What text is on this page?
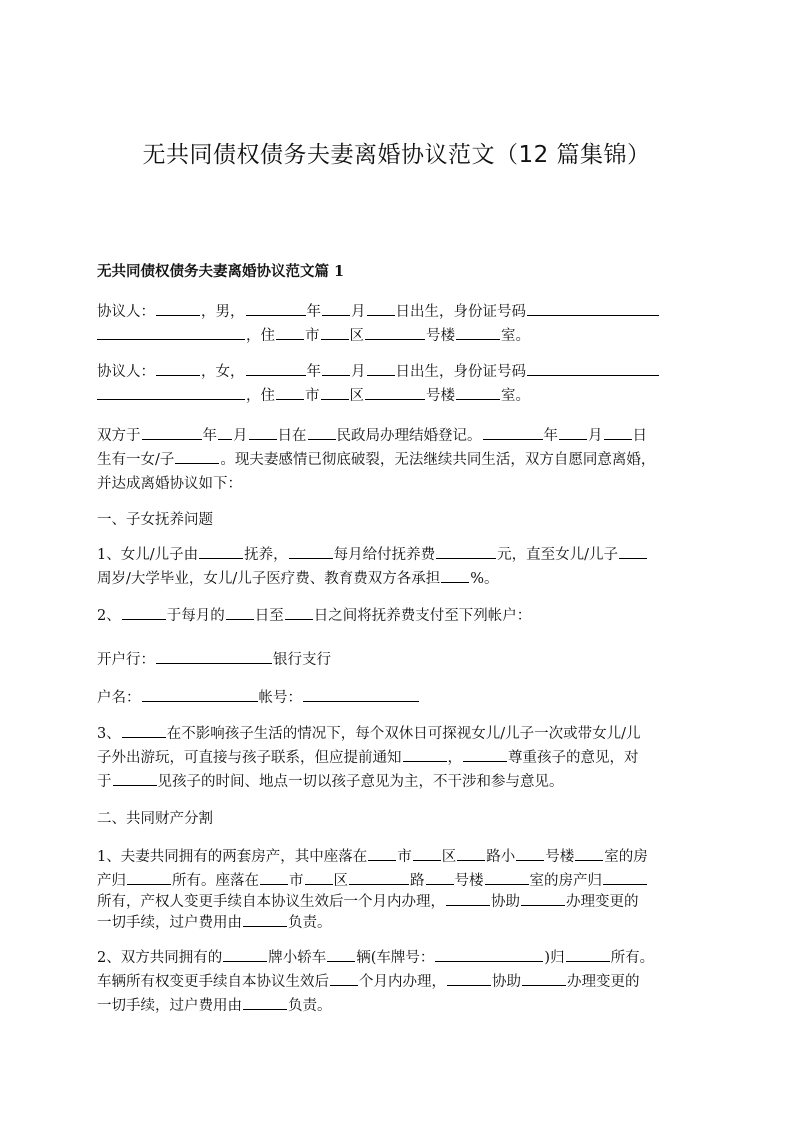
无共同债权债务夫妻离婚协议范文（12 篇集锦）
无共同债权债务夫妻离婚协议范文篇 1
协议人：	，男，	年 月 日出生，身份证号码
，住 市 区	号楼	室。
协议人：	，女，	年 月 日出生，身份证号码
，住 市 区	号楼	室。
双方于	年 月 日在 民政局办理结婚登记。	年 月 日
生有一女/子	。现夫妻感情已彻底破裂，无法继续共同生活，双方自愿同意离婚，
并达成离婚协议如下：
一、子女抚养问题
1、女儿/儿子由	抚养，	每月给付抚养费	元，直至女儿/儿子
周岁/大学毕业，女儿/儿子医疗费、教育费双方各承担 %。
2、	于每月的 日至 日之间将抚养费支付至下列帐户：
开户行：	银行支行
户名：	帐号：
3、	在不影响孩子生活的情况下，每个双休日可探视女儿/儿子一次或带女儿/儿
子外出游玩，可直接与孩子联系，但应提前通知	，	尊重孩子的意见，对
于	见孩子的时间、地点一切以孩子意见为主，不干涉和参与意见。
二、共同财产分割
1、夫妻共同拥有的两套房产，其中座落在 市 区 路小 号楼 室的房
产归	所有。座落在 市 区	路 号楼	室的房产归
所有，产权人变更手续自本协议生效后一个月内办理，	协助	办理变更的
一切手续，过户费用由	负责。
2、双方共同拥有的	牌小轿车 辆(车牌号：	)归	所有。
车辆所有权变更手续自本协议生效后 个月内办理，	协助	办理变更的
一切手续，过户费用由	负责。
